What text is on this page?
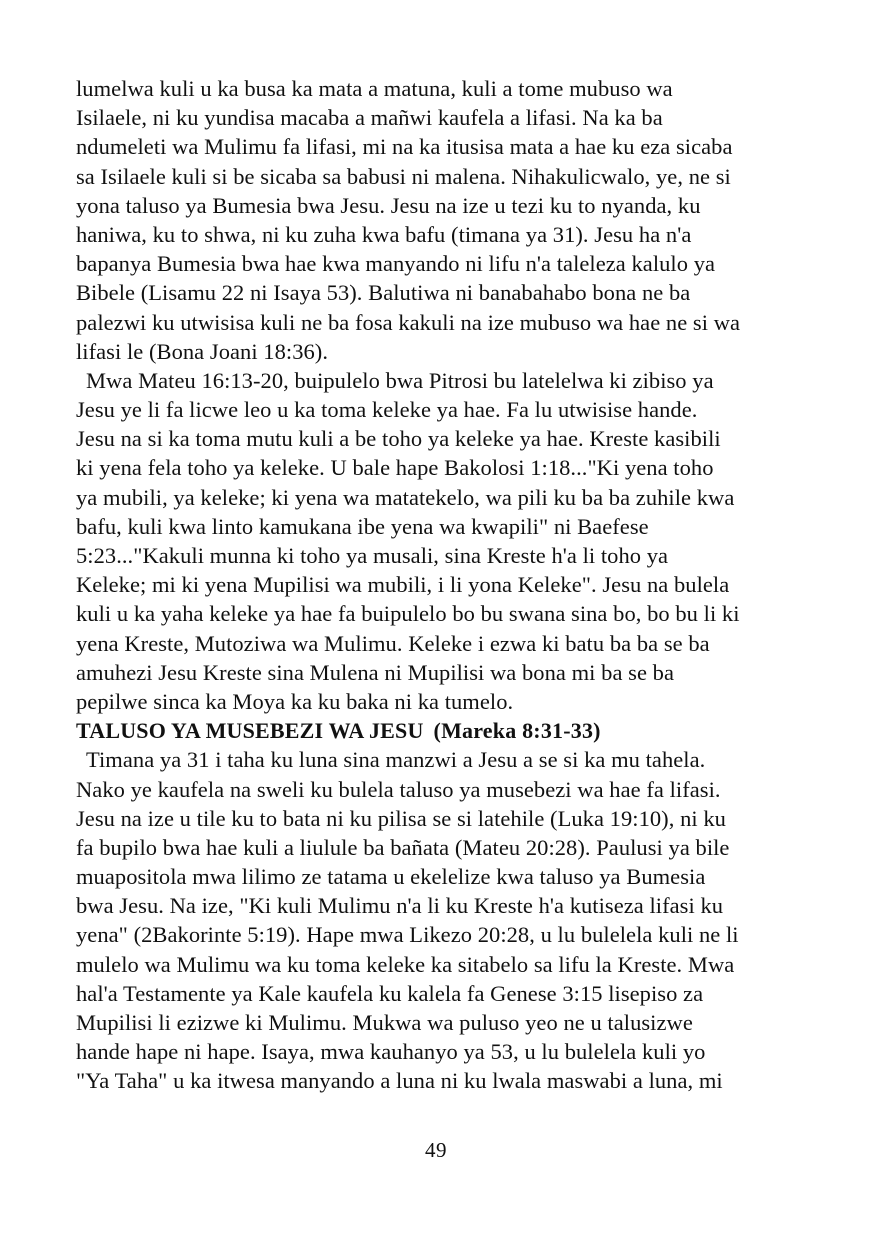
lumelwa kuli u ka busa ka mata a matuna, kuli a tome mubuso wa
Isilaele, ni ku yundisa macaba a mañwi kaufela a lifasi. Na ka ba
ndumeleti wa Mulimu fa lifasi, mi na ka itusisa mata a hae ku eza sicaba
sa Isilaele kuli si be sicaba sa babusi ni malena. Nihakulicwalo, ye, ne si
yona taluso ya Bumesia bwa Jesu. Jesu na ize u tezi ku to nyanda, ku
haniwa, ku to shwa, ni ku zuha kwa bafu (timana ya 31). Jesu ha n'a
bapanya Bumesia bwa hae kwa manyando ni lifu n'a taleleza kalulo ya
Bibele (Lisamu 22 ni Isaya 53). Balutiwa ni banabahabo bona ne ba
palezwi ku utwisisa kuli ne ba fosa kakuli na ize mubuso wa hae ne si wa
lifasi le (Bona Joani 18:36).
Mwa Mateu 16:13-20, buipulelo bwa Pitrosi bu latelelwa ki zibiso ya
Jesu ye li fa licwe leo u ka toma keleke ya hae. Fa lu utwisise hande.
Jesu na si ka toma mutu kuli a be toho ya keleke ya hae. Kreste kasibili
ki yena fela toho ya keleke. U bale hape Bakolosi 1:18..."Ki yena toho
ya mubili, ya keleke; ki yena wa matatekelo, wa pili ku ba ba zuhile kwa
bafu, kuli kwa linto kamukana ibe yena wa kwapili" ni Baefese
5:23..."Kakuli munna ki toho ya musali, sina Kreste h'a li toho ya
Keleke; mi ki yena Mupilisi wa mubili, i li yona Keleke". Jesu na bulela
kuli u ka yaha keleke ya hae fa buipulelo bo bu swana sina bo, bo bu li ki
yena Kreste, Mutoziwa wa Mulimu. Keleke i ezwa ki batu ba ba se ba
amuhezi Jesu Kreste sina Mulena ni Mupilisi wa bona mi ba se ba
pepilwe sinca ka Moya ka ku baka ni ka tumelo.
TALUSO YA MUSEBEZI WA JESU (Mareka 8:31-33)
Timana ya 31 i taha ku luna sina manzwi a Jesu a se si ka mu tahela.
Nako ye kaufela na sweli ku bulela taluso ya musebezi wa hae fa lifasi.
Jesu na ize u tile ku to bata ni ku pilisa se si latehile (Luka 19:10), ni ku
fa bupilo bwa hae kuli a liulule ba bañata (Mateu 20:28). Paulusi ya bile
muapositola mwa lilimo ze tatama u ekelelize kwa taluso ya Bumesia
bwa Jesu. Na ize, "Ki kuli Mulimu n'a li ku Kreste h'a kutiseza lifasi ku
yena" (2Bakorinte 5:19). Hape mwa Likezo 20:28, u lu bulelela kuli ne li
mulelo wa Mulimu wa ku toma keleke ka sitabelo sa lifu la Kreste. Mwa
hal'a Testamente ya Kale kaufela ku kalela fa Genese 3:15 lisepiso za
Mupilisi li ezizwe ki Mulimu. Mukwa wa puluso yeo ne u talusizwe
hande hape ni hape. Isaya, mwa kauhanyo ya 53, u lu bulelela kuli yo
"Ya Taha" u ka itwesa manyando a luna ni ku lwala maswabi a luna, mi
49
